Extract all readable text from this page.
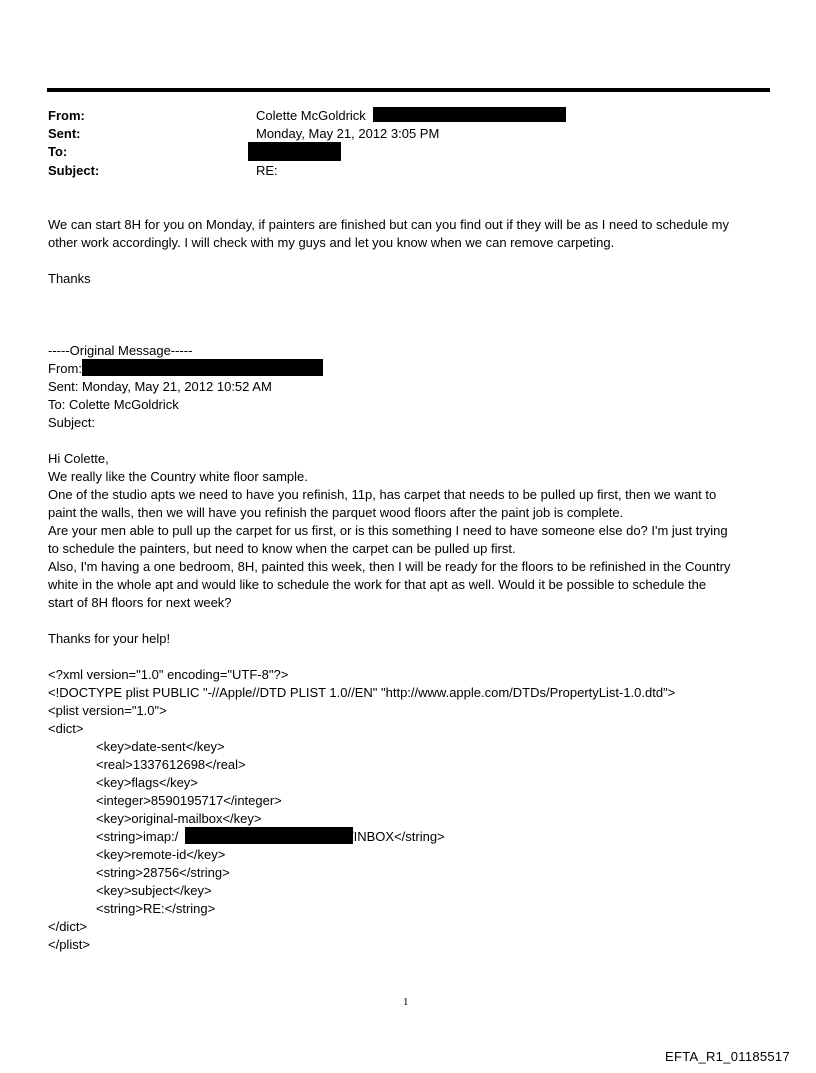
From:	Colette McGoldrick
Sent:	Monday, May 21, 2012 3:05 PM
To:
Subject:	RE:
We can start 8H for you on Monday, if painters are finished but can you find out if they will be as I need to schedule my
other work accordingly. I will check with my guys and let you know when we can remove carpeting.
Thanks
-----Original Message-----
From:
Sent: Monday, May 21, 2012 10:52 AM
To: Colette McGoldrick
Subject:
Hi Colette,
We really like the Country white floor sample.
One of the studio apts we need to have you refinish, 11p, has carpet that needs to be pulled up first, then we want to
paint the walls, then we will have you refinish the parquet wood floors after the paint job is complete.
Are your men able to pull up the carpet for us first, or is this something I need to have someone else do? I'm just trying
to schedule the painters, but need to know when the carpet can be pulled up first.
Also, I'm having a one bedroom, 8H, painted this week, then I will be ready for the floors to be refinished in the Country
white in the whole apt and would like to schedule the work for that apt as well. Would it be possible to schedule the
start of 8H floors for next week?
Thanks for your help!
<?xml version="1.0" encoding="UTF-8"?>
<!DOCTYPE plist PUBLIC "-//Apple//DTD PLIST 1.0//EN" "http://www.apple.com/DTDs/PropertyList-1.0.dtd">
<plist version="1.0">
<dict>
<key>date-sent</key>
<real>1337612698</real>
<key>flags</key>
<integer>8590195717</integer>
<key>original-mailbox</key>
<string>imap:/	/INBOX</string>
<key>remote-id</key>
<string>28756</string>
<key>subject</key>
<string>RE:</string>
</dict>
</plist>
1
EFTA_R1_01185517
